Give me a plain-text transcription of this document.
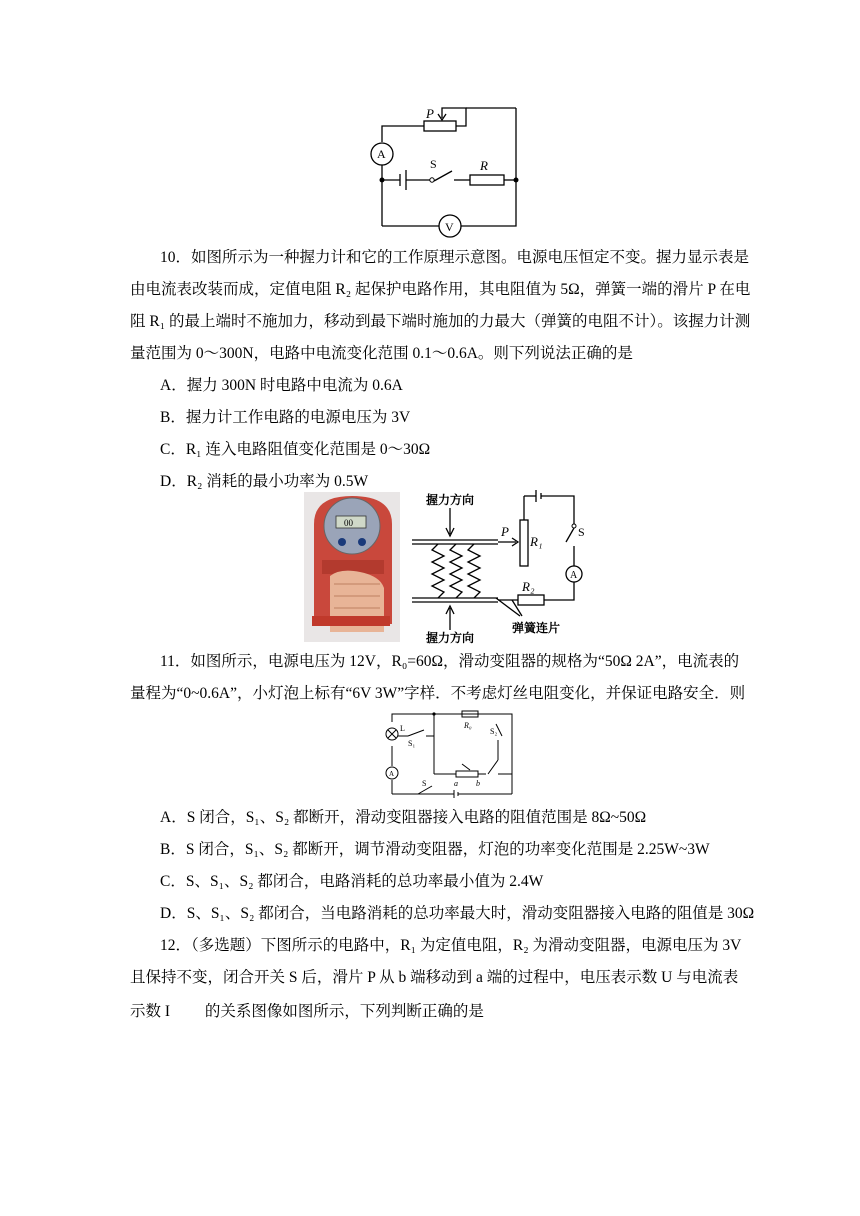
P
A
S	R
V
10．如图所示为一种握力计和它的工作原理示意图。电源电压恒定不变。握力显示表是
由电流表改装而成，定值电阻 R₂ 起保护电路作用，其电阻值为 5Ω，弹簧一端的滑片 P 在电
阻 R₁ 的最上端时不施加力，移动到最下端时施加的力最大（弹簧的电阻不计）。该握力计测
量范围为 0～300N，电路中电流变化范围 0.1～0.6A。则下列说法正确的是
A．握力 300N 时电路中电流为 0.6A
B．握力计工作电路的电源电压为 3V
C．R₁ 连入电路阻值变化范围是 0～30Ω
D．R₂ 消耗的最小功率为 0.5W
00
握力方向
握力方向
P
R₁
R₂
S
A
弹簧连片
11．如图所示，电源电压为 12V，R₀=60Ω，滑动变阻器的规格为“50Ω 2A”，电流表的
量程为“0~0.6A”，小灯泡上标有“6V 3W”字样．不考虑灯丝电阻变化，并保证电路安全．则
L
S₁
R₀
S₂
a b
A
S
A．S 闭合，S₁、S₂ 都断开，滑动变阻器接入电路的阻值范围是 8Ω~50Ω
B．S 闭合，S₁、S₂ 都断开，调节滑动变阻器，灯泡的功率变化范围是 2.25W~3W
C．S、S₁、S₂ 都闭合，电路消耗的总功率最小值为 2.4W
D．S、S₁、S₂ 都闭合，当电路消耗的总功率最大时，滑动变阻器接入电路的阻值是 30Ω
12．（多选题）下图所示的电路中，R₁ 为定值电阻，R₂ 为滑动变阻器，电源电压为 3V
且保持不变，闭合开关 S 后，滑片 P 从 b 端移动到 a 端的过程中，电压表示数 U 与电流表
示数 I 　　的关系图像如图所示，下列判断正确的是
